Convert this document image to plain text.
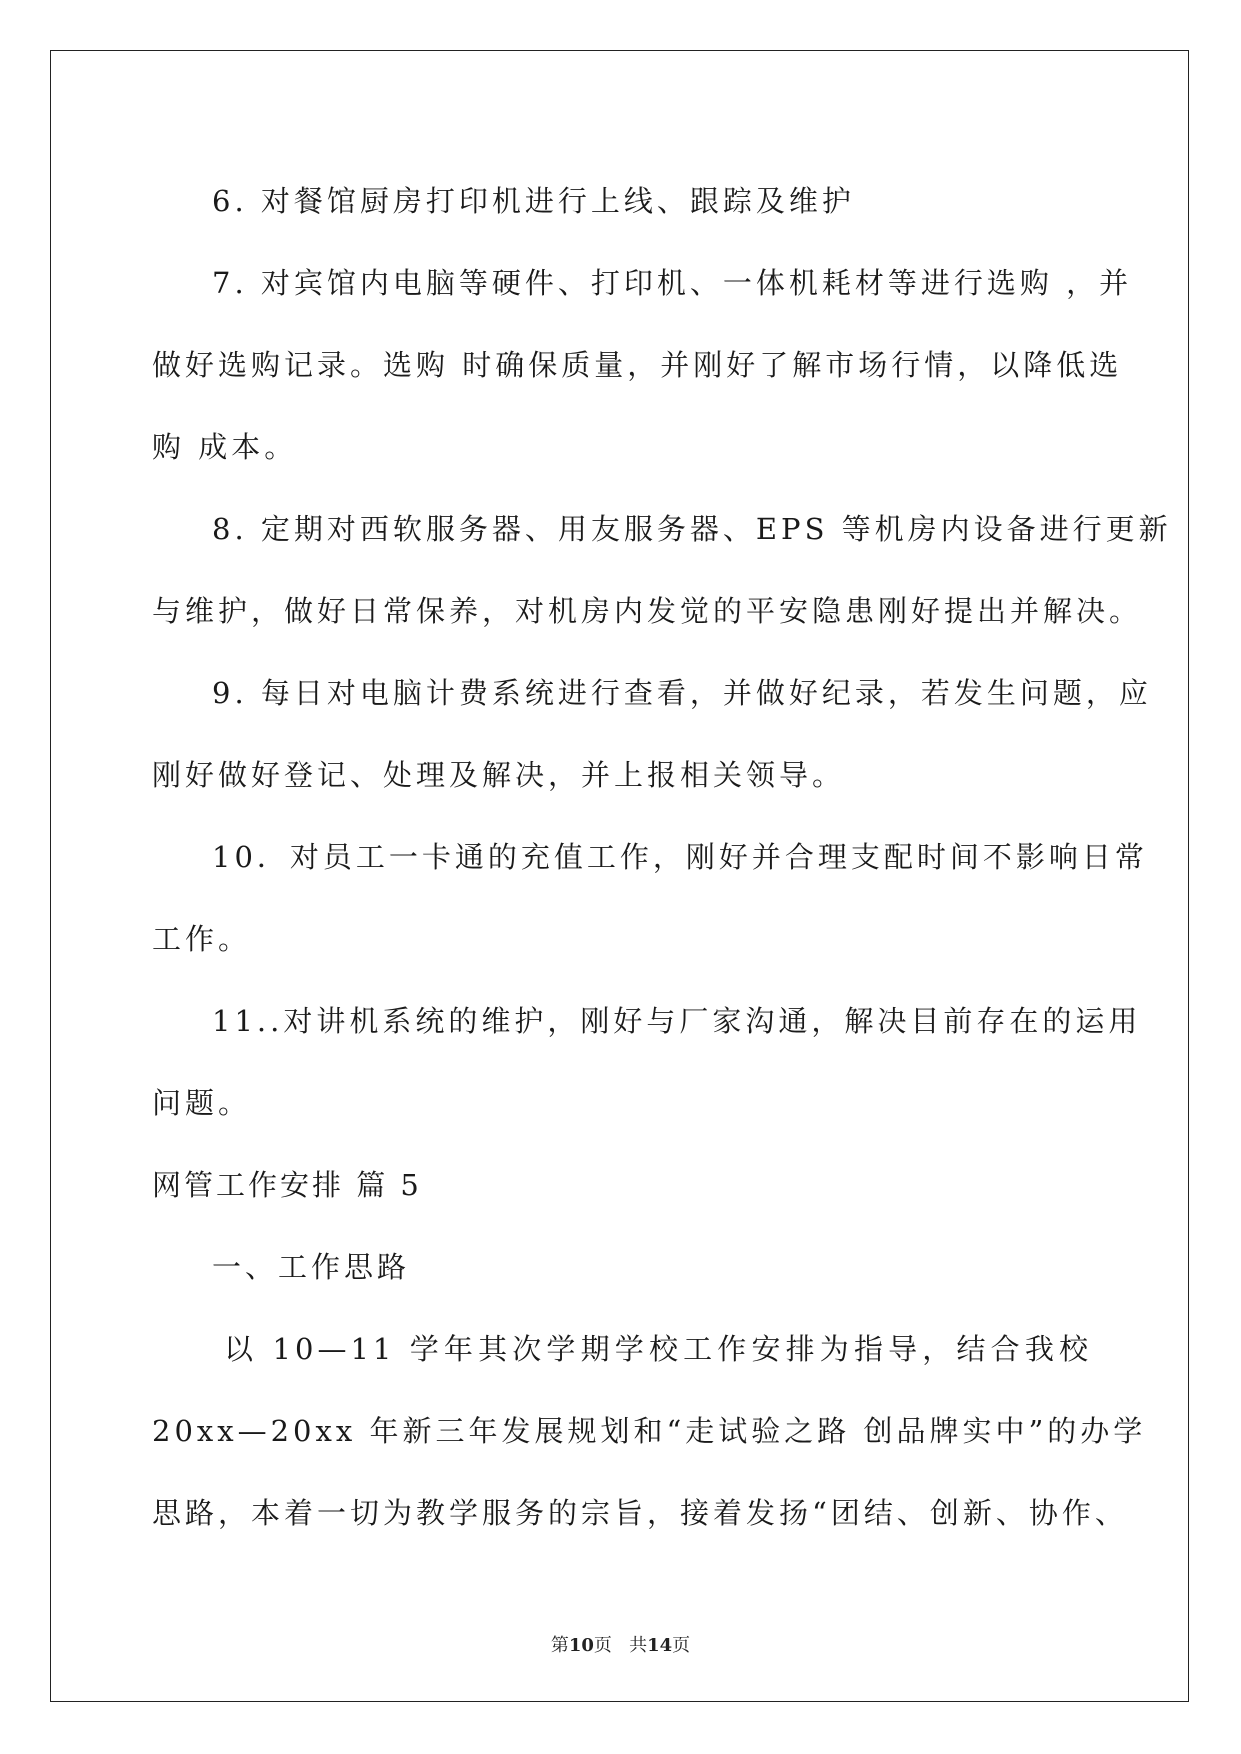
6. 对餐馆厨房打印机进行上线、跟踪及维护
7. 对宾馆内电脑等硬件、打印机、一体机耗材等进行选购 ，并
做好选购记录。选购 时确保质量，并刚好了解市场行情，以降低选
购 成本。
8. 定期对西软服务器、用友服务器、EPS 等机房内设备进行更新
与维护，做好日常保养，对机房内发觉的平安隐患刚好提出并解决。
9. 每日对电脑计费系统进行查看，并做好纪录，若发生问题，应
刚好做好登记、处理及解决，并上报相关领导。
10．对员工一卡通的充值工作，刚好并合理支配时间不影响日常
工作。
11..对讲机系统的维护，刚好与厂家沟通，解决目前存在的运用
问题。
网管工作安排 篇 5
一、工作思路
以 10—11 学年其次学期学校工作安排为指导，结合我校
20xx—20xx 年新三年发展规划和“走试验之路 创品牌实中”的办学
思路，本着一切为教学服务的宗旨，接着发扬“团结、创新、协作、
第10页 共14页
